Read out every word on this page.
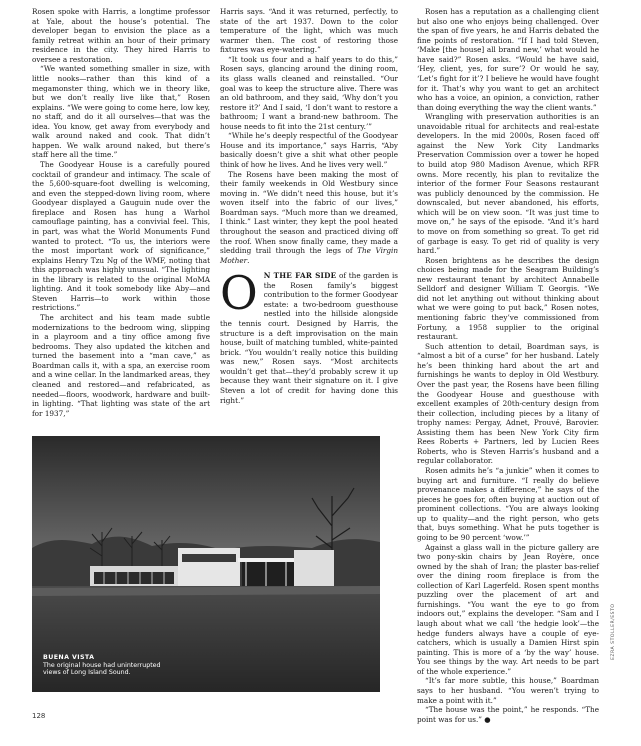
Rosen spoke with Harris, a longtime professor at Yale, about the house’s potential. The developer began to envision the place as a family retreat within an hour of their primary residence in the city. They hired Harris to oversee a restoration.

“We wanted something smaller in size, with little nooks—rather than this kind of a megamonster thing, which we in theory like, but we don’t really live like that,” Rosen explains. “We were going to come here, low key, no staff, and do it all ourselves—that was the idea. You know, get away from everybody and walk around naked and cook. That didn’t happen. We walk around naked, but there’s staff here all the time.”

The Goodyear House is a carefully poured cocktail of grandeur and intimacy. The scale of the 5,600-square-foot dwelling is welcoming, and even the stepped-down living room, where Goodyear displayed a Gauguin nude over the fireplace and Rosen has hung a Warhol camouflage painting, has a convivial feel. This, in part, was what the World Monuments Fund wanted to protect. “To us, the interiors were the most important work of significance,” explains Henry Tzu Ng of the WMF, noting that this approach was highly unusual. “The lighting in the library is related to the original MoMA lighting. And it took somebody like Aby—and Steven Harris—to work within those restrictions.”

The architect and his team made subtle modernizations to the bedroom wing, slipping in a playroom and a tiny office among five bedrooms. They also updated the kitchen and turned the basement into a “man cave,” as Boardman calls it, with a spa, an exercise room and a wine cellar. In the landmarked areas, they cleaned and restored—and refabricated, as needed—floors, woodwork, hardware and built-in lighting. “That lighting was state of the art for 1937,”

Harris says. “And it was returned, perfectly, to state of the art 1937. Down to the color temperature of the light, which was much warmer then. The cost of restoring those fixtures was eye-watering.”

“It took us four and a half years to do this,” Rosen says, glancing around the dining room, its glass walls cleaned and reinstalled. “Our goal was to keep the structure alive. There was an old bathroom, and they said, ‘Why don’t you restore it?’ And I said, ‘I don’t want to restore a bathroom; I want a brand-new bathroom. The house needs to fit into the 21st century.’”

“While he’s deeply respectful of the Goodyear House and its importance,” says Harris, “Aby basically doesn’t give a shit what other people think of how he lives. And he lives very well.”

The Rosens have been making the most of their family weekends in Old Westbury since moving in. “We didn’t need this house, but it’s woven itself into the fabric of our lives,” Boardman says. “Much more than we dreamed, I think.” Last winter, they kept the pool heated throughout the season and practiced diving off the roof. When snow finally came, they made a sledding trail through the legs of The Virgin Mother.

O N THE FAR SIDE of the garden is the Rosen family’s biggest contribution to the former Goodyear estate: a two-bedroom guesthouse nestled into the hillside alongside the tennis court. Designed by Harris, the structure is a deft improvisation on the main house, built of matching tumbled, white-painted brick. “You wouldn’t really notice this building was new,” Rosen says. “Most architects wouldn’t get that—they’d probably screw it up because they want their signature on it. I give Steven a lot of credit for having done this right.”

Rosen has a reputation as a challenging client but also one who enjoys being challenged. Over the span of five years, he and Harris debated the fine points of restoration. “If I had told Steven, ‘Make [the house] all brand new,’ what would he have said?” Rosen asks. “Would he have said, ‘Hey, client, yes, for sure’? Or would he say, ‘Let’s fight for it’? I believe he would have fought for it. That’s why you want to get an architect who has a voice, an opinion, a conviction, rather than doing everything the way the client wants.”

Wrangling with preservation authorities is an unavoidable ritual for architects and real-estate developers. In the mid 2000s, Rosen faced off against the New York City Landmarks Preservation Commission over a tower he hoped to build atop 980 Madison Avenue, which RFR owns. More recently, his plan to revitalize the interior of the former Four Seasons restaurant was publicly denounced by the commission. He downscaled, but never abandoned, his efforts, which will be on view soon. “It was just time to move on,” he says of the episode. “And it’s hard to move on from something so great. To get rid of garbage is easy. To get rid of quality is very hard.”

Rosen brightens as he describes the design choices being made for the Seagram Building’s new restaurant tenant by architect Annabelle Selldorf and designer William T. Georgis. “We did not let anything out without thinking about what we were going to put back,” Rosen notes, mentioning fabric they’ve commissioned from Fortuny, a 1958 supplier to the original restaurant.

Such attention to detail, Boardman says, is “almost a bit of a curse” for her husband. Lately he’s been thinking hard about the art and furnishings he wants to deploy in Old Westbury. Over the past year, the Rosens have been filling the Goodyear House and guesthouse with excellent examples of 20th-century design from their collection, including pieces by a litany of trophy names: Pergay, Adnet, Prouvé, Barovier. Assisting them has been New York City firm Rees Roberts + Partners, led by Lucien Rees Roberts, who is Steven Harris’s husband and a regular collaborator.

Rosen admits he’s “a junkie” when it comes to buying art and furniture. “I really do believe provenance makes a difference,” he says of the pieces he goes for, often buying at auction out of prominent collections. “You are always looking up to quality—and the right person, who gets that, buys something. What he puts together is going to be 90 percent ‘wow.’”

Against a glass wall in the picture gallery are two pony-skin chairs by Jean Royère, once owned by the shah of Iran; the plaster bas-relief over the dining room fireplace is from the collection of Karl Lagerfeld. Rosen spent months puzzling over the placement of art and furnishings. “You want the eye to go from indoors out,” explains the developer. “Sam and I laugh about what we call ‘the hedgie look’—the hedge funders always have a couple of eye-catchers, which is usually a Damien Hirst spin painting. This is more of a ‘by the way’ house. You see things by the way. Art needs to be part of the whole experience.”

“It’s far more subtle, this house,” Boardman says to her husband. “You weren’t trying to make a point with it.”

“The house was the point,” he responds. “The point was for us.” ●

BUENA VISTA
The original house had uninterrupted views of Long Island Sound.
EZRA STOLLER/ESTO
128
